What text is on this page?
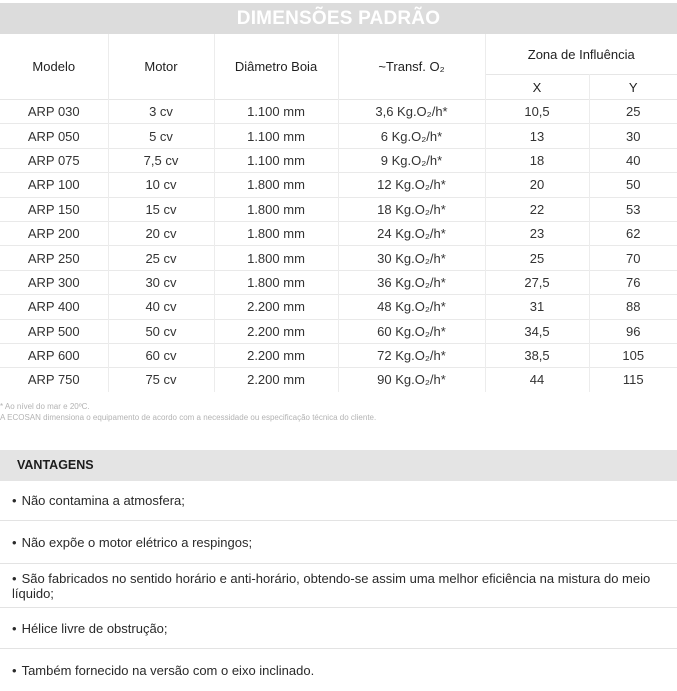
DIMENSÕES PADRÃO
Modelo	Motor	Diâmetro Boia	~Transf. O₂	Zona de Influência	
				X	Y
ARP 030	3 cv	1.100 mm	3,6 Kg.O₂/h*	10,5	25
ARP 050	5 cv	1.100 mm	6 Kg.O₂/h*	13	30
ARP 075	7,5 cv	1.100 mm	9 Kg.O₂/h*	18	40
ARP 100	10 cv	1.800 mm	12 Kg.O₂/h*	20	50
ARP 150	15 cv	1.800 mm	18 Kg.O₂/h*	22	53
ARP 200	20 cv	1.800 mm	24 Kg.O₂/h*	23	62
ARP 250	25 cv	1.800 mm	30 Kg.O₂/h*	25	70
ARP 300	30 cv	1.800 mm	36 Kg.O₂/h*	27,5	76
ARP 400	40 cv	2.200 mm	48 Kg.O₂/h*	31	88
ARP 500	50 cv	2.200 mm	60 Kg.O₂/h*	34,5	96
ARP 600	60 cv	2.200 mm	72 Kg.O₂/h*	38,5	105
ARP 750	75 cv	2.200 mm	90 Kg.O₂/h*	44	115
* Ao nível do mar e 20ºC.
A ECOSAN dimensiona o equipamento de acordo com a necessidade ou especificação técnica do cliente.
VANTAGENS
• Não contamina a atmosfera;
• Não expõe o motor elétrico a respingos;
• São fabricados no sentido horário e anti-horário, obtendo-se assim uma melhor eficiência na mistura do meio líquido;
• Hélice livre de obstrução;
• Também fornecido na versão com o eixo inclinado.
